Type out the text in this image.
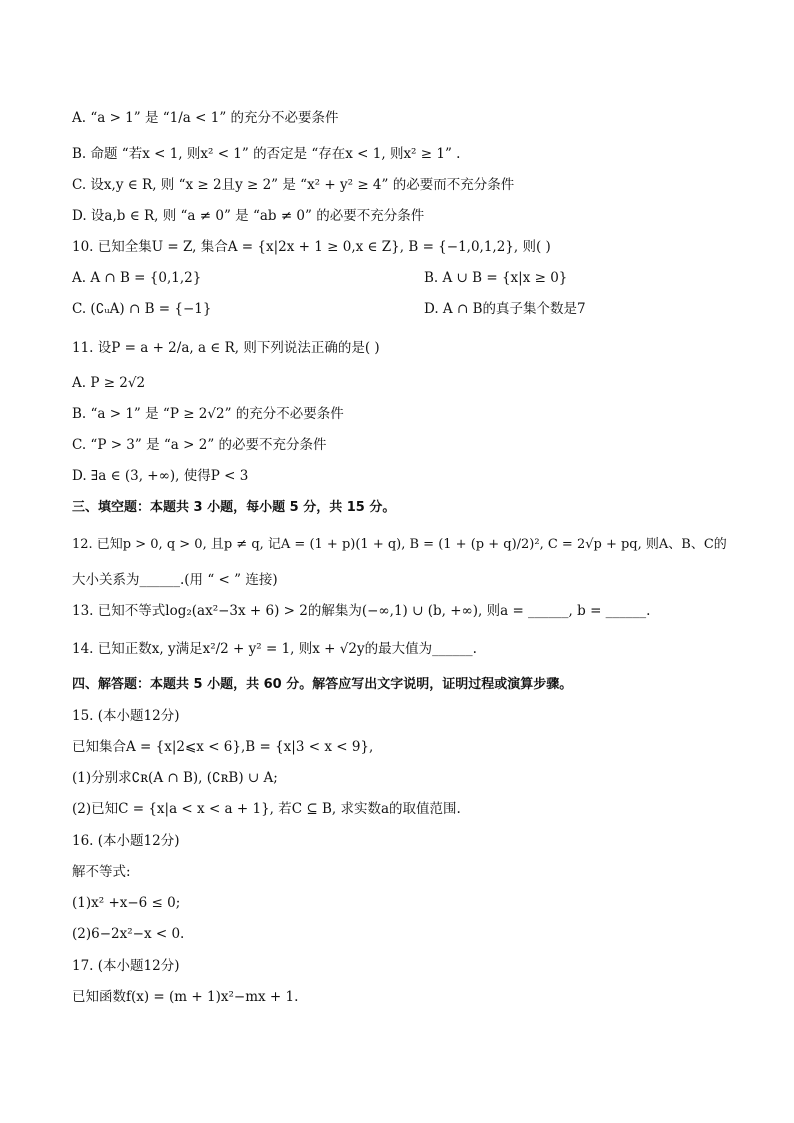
A. “a > 1” 是 “1/a < 1” 的充分不必要条件
B. 命题 “若x < 1, 则x² < 1” 的否定是 “存在x < 1, 则x² ≥ 1” .
C. 设x,y ∈ R, 则 “x ≥ 2且y ≥ 2” 是 “x² + y² ≥ 4” 的必要而不充分条件
D. 设a,b ∈ R, 则 “a ≠ 0” 是 “ab ≠ 0” 的必要不充分条件
10. 已知全集U = Z, 集合A = {x|2x + 1 ≥ 0,x ∈ Z}, B = {−1,0,1,2}, 则( )
A. A ∩ B = {0,1,2}	B. A ∪ B = {x|x ≥ 0}
C. (∁ᵤA) ∩ B = {−1}	D. A ∩ B的真子集个数是7
11. 设P = a + 2/a, a ∈ R, 则下列说法正确的是( )
A. P ≥ 2√2
B. “a > 1” 是 “P ≥ 2√2” 的充分不必要条件
C. “P > 3” 是 “a > 2” 的必要不充分条件
D. ∃a ∈ (3, +∞), 使得P < 3
三、填空题：本题共 3 小题，每小题 5 分，共 15 分。
12. 已知p > 0, q > 0, 且p ≠ q, 记A = (1 + p)(1 + q), B = (1 + (p + q)/2)², C = 2√p + pq, 则A、B、C的
大小关系为______.(用 “ < ” 连接)
13. 已知不等式log₂(ax²−3x + 6) > 2的解集为(−∞,1) ∪ (b, +∞), 则a = ______, b = ______.
14. 已知正数x, y满足x²/2 + y² = 1, 则x + √2y的最大值为______.
四、解答题：本题共 5 小题，共 60 分。解答应写出文字说明，证明过程或演算步骤。
15. (本小题12分)
已知集合A = {x|2⩽x < 6},B = {x|3 < x < 9},
(1)分别求∁ʀ(A ∩ B), (∁ʀB) ∪ A;
(2)已知C = {x|a < x < a + 1}, 若C ⊆ B, 求实数a的取值范围.
16. (本小题12分)
解不等式:
(1)x² +x−6 ≤ 0;
(2)6−2x²−x < 0.
17. (本小题12分)
已知函数f(x) = (m + 1)x²−mx + 1.
